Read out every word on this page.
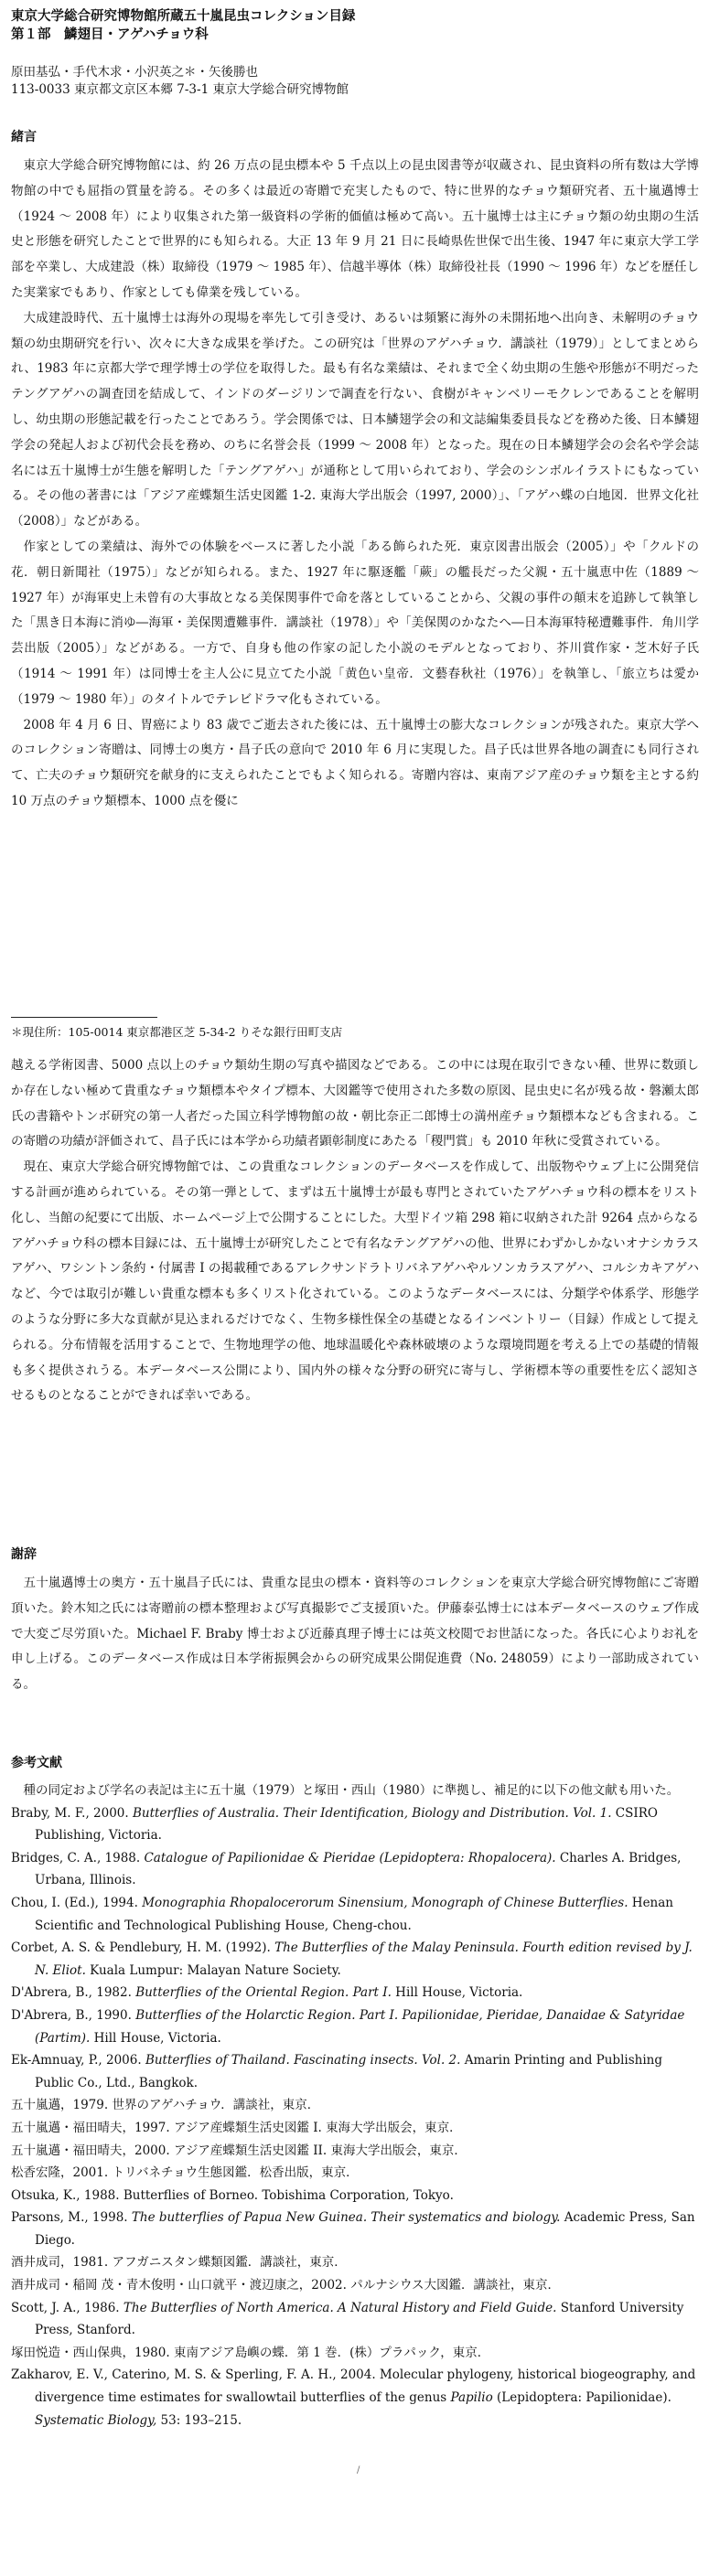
東京大学総合研究博物館所蔵五十嵐昆虫コレクション目録
第１部　鱗翅目・アゲハチョウ科
原田基弘・手代木求・小沢英之＊・矢後勝也
113-0033 東京都文京区本郷 7-3-1 東京大学総合研究博物館
緒言

東京大学総合研究博物館には、約 26 万点の昆虫標本や 5 千点以上の昆虫図書等が収蔵され、昆虫資料の所有数は大学博物館の中でも屈指の質量を誇る。その多くは最近の寄贈で充実したもので、特に世界的なチョウ類研究者、五十嵐邁博士（1924 ～ 2008 年）により収集された第一級資料の学術的価値は極めて高い。五十嵐博士は主にチョウ類の幼虫期の生活史と形態を研究したことで世界的にも知られる。大正 13 年 9 月 21 日に長崎県佐世保で出生後、1947 年に東京大学工学部を卒業し、大成建設（株）取締役（1979 ～ 1985 年）、信越半導体（株）取締役社長（1990 ～ 1996 年）などを歴任した実業家でもあり、作家としても偉業を残している。

大成建設時代、五十嵐博士は海外の現場を率先して引き受け、あるいは頻繁に海外の未開拓地へ出向き、未解明のチョウ類の幼虫期研究を行い、次々に大きな成果を挙げた。この研究は「世界のアゲハチョウ．講談社（1979）」としてまとめられ、1983 年に京都大学で理学博士の学位を取得した。最も有名な業績は、それまで全く幼虫期の生態や形態が不明だったテングアゲハの調査団を結成して、インドのダージリンで調査を行ない、食樹がキャンベリーモクレンであることを解明し、幼虫期の形態記載を行ったことであろう。学会関係では、日本鱗翅学会の和文誌編集委員長などを務めた後、日本鱗翅学会の発起人および初代会長を務め、のちに名誉会長（1999 ～ 2008 年）となった。現在の日本鱗翅学会の会名や学会誌名には五十嵐博士が生態を解明した「テングアゲハ」が通称として用いられており、学会のシンボルイラストにもなっている。その他の著書には「アジア産蝶類生活史図鑑 1-2. 東海大学出版会（1997, 2000）」、「アゲハ蝶の白地図．世界文化社（2008）」などがある。

作家としての業績は、海外での体験をベースに著した小説「ある飾られた死．東京図書出版会（2005）」や「クルドの花．朝日新聞社（1975）」などが知られる。また、1927 年に駆逐艦「蕨」の艦長だった父親・五十嵐恵中佐（1889 ～ 1927 年）が海軍史上未曾有の大事故となる美保関事件で命を落としていることから、父親の事件の顛末を追跡して執筆した「黒き日本海に消ゆ―海軍・美保関遭難事件．講談社（1978）」や「美保関のかなたへ―日本海軍特秘遭難事件．角川学芸出版（2005）」などがある。一方で、自身も他の作家の記した小説のモデルとなっており、芥川賞作家・芝木好子氏（1914 ～ 1991 年）は同博士を主人公に見立てた小説「黄色い皇帝．文藝春秋社（1976）」を執筆し、「旅立ちは愛か（1979 ～ 1980 年）」のタイトルでテレビドラマ化もされている。

2008 年 4 月 6 日、胃癌により 83 歳でご逝去された後には、五十嵐博士の膨大なコレクションが残された。東京大学へのコレクション寄贈は、同博士の奥方・昌子氏の意向で 2010 年 6 月に実現した。昌子氏は世界各地の調査にも同行されて、亡夫のチョウ類研究を献身的に支えられたことでもよく知られる。寄贈内容は、東南アジア産のチョウ類を主とする約 10 万点のチョウ類標本、1000 点を優に

＊現住所：105-0014 東京都港区芝 5-34-2 りそな銀行田町支店

越える学術図書、5000 点以上のチョウ類幼生期の写真や描図などである。この中には現在取引できない種、世界に数頭しか存在しない極めて貴重なチョウ類標本やタイプ標本、大図鑑等で使用された多数の原図、昆虫史に名が残る故・磐瀬太郎氏の書籍やトンボ研究の第一人者だった国立科学博物館の故・朝比奈正二郎博士の満州産チョウ類標本なども含まれる。この寄贈の功績が評価されて、昌子氏には本学から功績者顕彰制度にあたる「稷門賞」も 2010 年秋に受賞されている。

現在、東京大学総合研究博物館では、この貴重なコレクションのデータベースを作成して、出版物やウェブ上に公開発信する計画が進められている。その第一弾として、まずは五十嵐博士が最も専門とされていたアゲハチョウ科の標本をリスト化し、当館の紀要にて出版、ホームページ上で公開することにした。大型ドイツ箱 298 箱に収納された計 9264 点からなるアゲハチョウ科の標本目録には、五十嵐博士が研究したことで有名なテングアゲハの他、世界にわずかしかないオナシカラスアゲハ、ワシントン条約・付属書 I の掲載種であるアレクサンドラトリバネアゲハやルソンカラスアゲハ、コルシカキアゲハなど、今では取引が難しい貴重な標本も多くリスト化されている。このようなデータベースには、分類学や体系学、形態学のような分野に多大な貢献が見込まれるだけでなく、生物多様性保全の基礎となるインベントリー（目録）作成として提えられる。分布情報を活用することで、生物地理学の他、地球温暖化や森林破壊のような環境問題を考える上での基礎的情報も多く提供されうる。本データベース公開により、国内外の様々な分野の研究に寄与し、学術標本等の重要性を広く認知させるものとなることができれば幸いである。

謝辞

五十嵐邁博士の奥方・五十嵐昌子氏には、貴重な昆虫の標本・資料等のコレクションを東京大学総合研究博物館にご寄贈頂いた。鈴木知之氏には寄贈前の標本整理および写真撮影でご支援頂いた。伊藤泰弘博士には本データベースのウェブ作成で大変ご尽労頂いた。Michael F. Braby 博士および近藤真理子博士には英文校閲でお世話になった。各氏に心よりお礼を申し上げる。このデータベース作成は日本学術振興会からの研究成果公開促進費（No. 248059）により一部助成されている。

参考文献

種の同定および学名の表記は主に五十嵐（1979）と塚田・西山（1980）に準拠し、補足的に以下の他文献も用いた。

Braby, M. F., 2000. Butterflies of Australia. Their Identification, Biology and Distribution. Vol. 1. CSIRO Publishing, Victoria.

Bridges, C. A., 1988. Catalogue of Papilionidae & Pieridae (Lepidoptera: Rhopalocera). Charles A. Bridges, Urbana, Illinois.

Chou, I. (Ed.), 1994. Monographia Rhopalocerorum Sinensium, Monograph of Chinese Butterflies. Henan Scientific and Technological Publishing House, Cheng-chou.

Corbet, A. S. & Pendlebury, H. M. (1992). The Butterflies of the Malay Peninsula. Fourth edition revised by J. N. Eliot. Kuala Lumpur: Malayan Nature Society.

D'Abrera, B., 1982. Butterflies of the Oriental Region. Part I. Hill House, Victoria.

D'Abrera, B., 1990. Butterflies of the Holarctic Region. Part I. Papilionidae, Pieridae, Danaidae & Satyridae (Partim). Hill House, Victoria.

Ek-Amnuay, P., 2006. Butterflies of Thailand. Fascinating insects. Vol. 2. Amarin Printing and Publishing Public Co., Ltd., Bangkok.

五十嵐邁，1979. 世界のアゲハチョウ．講談社，東京．

五十嵐邁・福田晴夫，1997. アジア産蝶類生活史図鑑 I. 東海大学出版会，東京．

五十嵐邁・福田晴夫，2000. アジア産蝶類生活史図鑑 II. 東海大学出版会，東京．

松香宏隆，2001. トリバネチョウ生態図鑑．松香出版，東京．

Otsuka, K., 1988. Butterflies of Borneo. Tobishima Corporation, Tokyo.

Parsons, M., 1998. The butterflies of Papua New Guinea. Their systematics and biology. Academic Press, San Diego.

酒井成司，1981. アフガニスタン蝶類図鑑．講談社，東京．

酒井成司・稲岡 茂・青木俊明・山口就平・渡辺康之，2002. パルナシウス大図鑑．講談社，東京．

Scott, J. A., 1986. The Butterflies of North America. A Natural History and Field Guide. Stanford University Press, Stanford.

塚田悦造・西山保典，1980. 東南アジア島嶼の蝶．第 1 巻．(株）プラパック，東京．

Zakharov, E. V., Caterino, M. S. & Sperling, F. A. H., 2004. Molecular phylogeny, historical biogeography, and divergence time estimates for swallowtail butterflies of the genus Papilio (Lepidoptera: Papilionidae). Systematic Biology, 53: 193–215.

/
